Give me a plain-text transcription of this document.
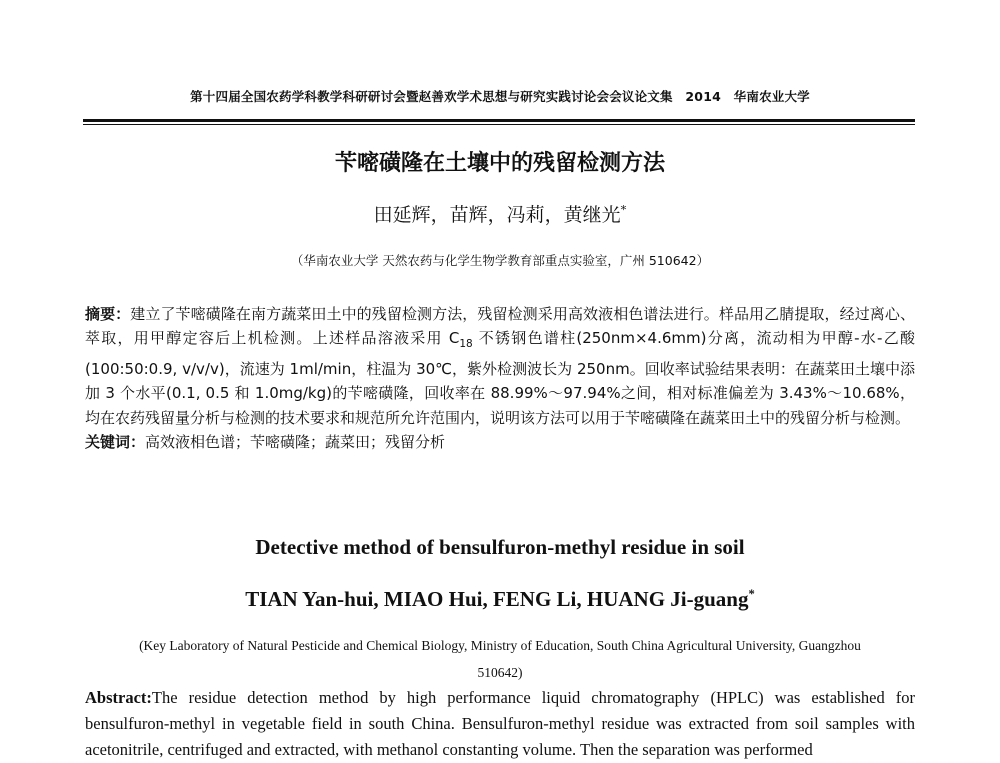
第十四届全国农药学科教学科研研讨会暨赵善欢学术思想与研究实践讨论会会议论文集　2014　华南农业大学
苄嘧磺隆在土壤中的残留检测方法
田延辉，苗辉，冯莉，黄继光*
（华南农业大学 天然农药与化学生物学教育部重点实验室，广州 510642）

摘要：建立了苄嘧磺隆在南方蔬菜田土中的残留检测方法，残留检测采用高效液相色谱法进行。样品用乙腈提取，经过离心、萃取，用甲醇定容后上机检测。上述样品溶液采用 $C_{18}$ 不锈钢色谱柱(250nm×4.6mm)分离，流动相为甲醇-水-乙酸(100:50:0.9, v/v/v)，流速为 1ml/min，柱温为 30℃，紫外检测波长为 250nm。回收率试验结果表明：在蔬菜田土壤中添加 3 个水平(0.1, 0.5 和 1.0mg/kg)的苄嘧磺隆，回收率在 88.99%～97.94%之间，相对标准偏差为 3.43%～10.68%，均在农药残留量分析与检测的技术要求和规范所允许范围内，说明该方法可以用于苄嘧磺隆在蔬菜田土中的残留分析与检测。

关键词：高效液相色谱；苄嘧磺隆；蔬菜田；残留分析

Detective method of bensulfuron-methyl residue in soil
TIAN Yan-hui, MIAO Hui, FENG Li, HUANG Ji-guang*
(Key Laboratory of Natural Pesticide and Chemical Biology, Ministry of Education, South China Agricultural University, Guangzhou
510642)

Abstract:The residue detection method by high performance liquid chromatography (HPLC) was established for bensulfuron-methyl in vegetable field in south China. Bensulfuron-methyl residue was extracted from soil samples with acetonitrile, centrifuged and extracted, with methanol constanting volume. Then the separation was performed
